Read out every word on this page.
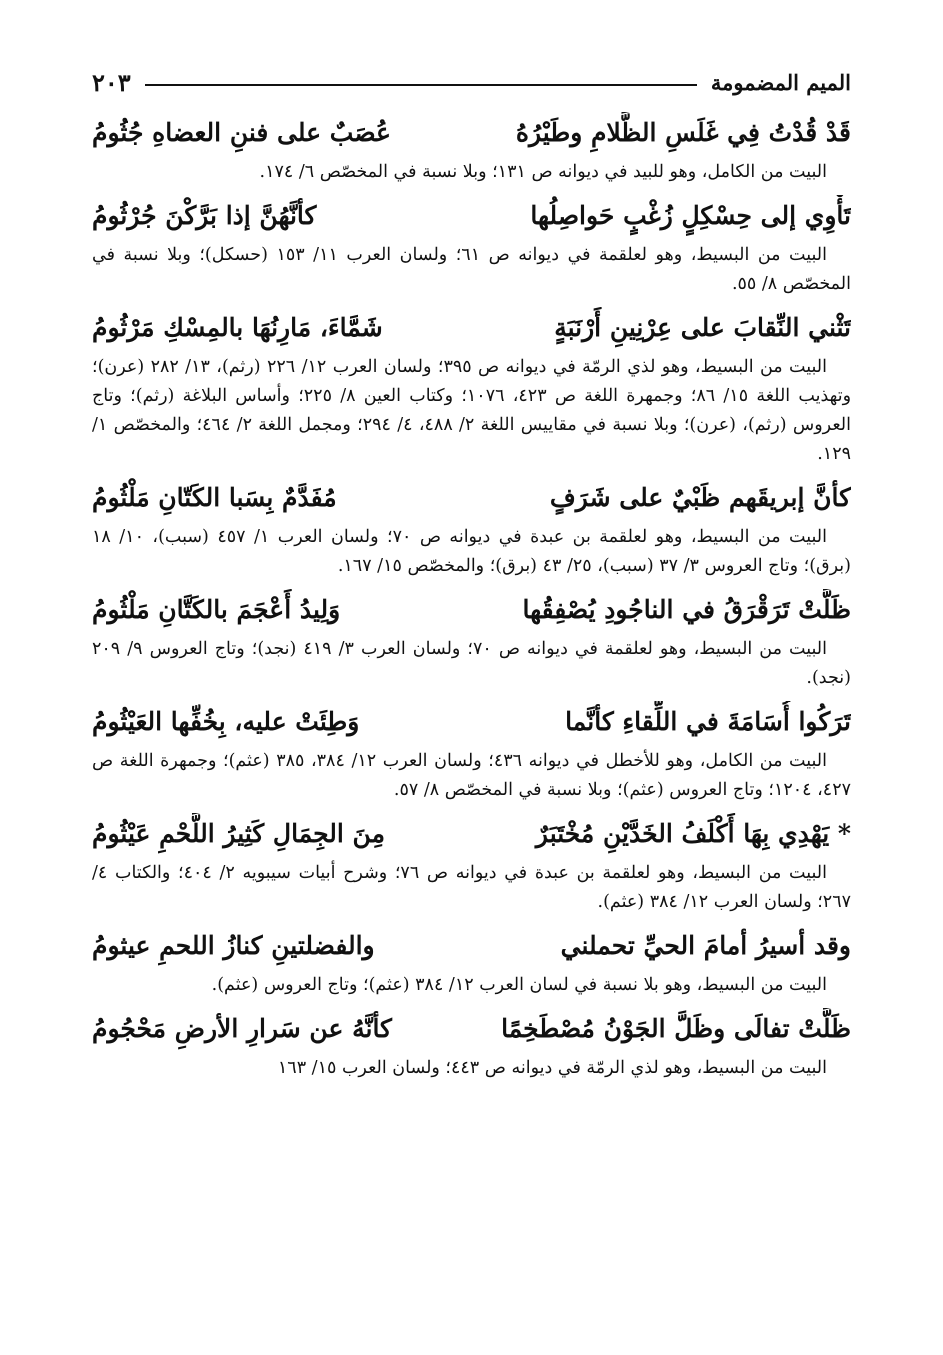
الميم المضمومة
٢٠٣
قَدْ قُدْتُ فِي غَلَسِ الظَّلامِ وطَيْرُهُ
عُصَبٌ على فننِ العضاهِ جُثُومُ
البيت من الكامل، وهو للبيد في ديوانه ص ١٣١؛ وبلا نسبة في المخصّص ٦/ ١٧٤.
تَأْوِي إلى حِسْكِلٍ زُغْبٍ حَواصِلُها
كأنَّهُنَّ إذا بَرَّكْنَ جُرْثُومُ
البيت من البسيط، وهو لعلقمة في ديوانه ص ٦١؛ ولسان العرب ١١/ ١٥٣ (حسكل)؛ وبلا نسبة في المخصّص ٨/ ٥٥.
تَثْني النِّقابَ على عِرْنِينِ أَرْنَبَةٍ
شَمَّاءَ، مَارِنُهَا بالمِسْكِ مَرْثُومُ
البيت من البسيط، وهو لذي الرمّة في ديوانه ص ٣٩٥؛ ولسان العرب ١٢/ ٢٢٦ (رثم)، ١٣/ ٢٨٢ (عرن)؛ وتهذيب اللغة ١٥/ ٨٦؛ وجمهرة اللغة ص ٤٢٣، ١٠٧٦؛ وكتاب العين ٨/ ٢٢٥؛ وأساس البلاغة (رثم)؛ وتاج العروس (رثم)، (عرن)؛ وبلا نسبة في مقاييس اللغة ٢/ ٤٨٨، ٤/ ٢٩٤؛ ومجمل اللغة ٢/ ٤٦٤؛ والمخصّص ١/ ١٢٩.
كأنَّ إبريقَهم ظَبْيٌ على شَرَفٍ
مُفَدَّمٌ بِسَبا الكَتّانِ مَلْثُومُ
البيت من البسيط، وهو لعلقمة بن عبدة في ديوانه ص ٧٠؛ ولسان العرب ١/ ٤٥٧ (سبب)، ١٠/ ١٨ (برق)؛ وتاج العروس ٣/ ٣٧ (سبب)، ٢٥/ ٤٣ (برق)؛ والمخصّص ١٥/ ١٦٧.
ظَلَّتْ تَرَقْرَقُ في الناجُودِ يُصْفِقُها
وَلِيدُ أَعْجَمَ بالكَتَّانِ مَلْثُومُ
البيت من البسيط، وهو لعلقمة في ديوانه ص ٧٠؛ ولسان العرب ٣/ ٤١٩ (نجد)؛ وتاج العروس ٩/ ٢٠٩ (نجد).
تَرَكُوا أُسَامَةَ في اللِّقاءِ كأنَّما
وَطِئَتْ عليه، بِخُفِّها العَيْثُومُ
البيت من الكامل، وهو للأخطل في ديوانه ٤٣٦؛ ولسان العرب ١٢/ ٣٨٤، ٣٨٥ (عثم)؛ وجمهرة اللغة ص ٤٢٧، ١٢٠٤؛ وتاج العروس (عثم)؛ وبلا نسبة في المخصّص ٨/ ٥٧.
* يَهْدِي بِهَا أَكْلَفُ الخَدَّيْنِ مُخْتَبَرٌ
مِنَ الجِمَالِ كَثِيرُ اللَّحْمِ عَيْثُومُ
البيت من البسيط، وهو لعلقمة بن عبدة في ديوانه ص ٧٦؛ وشرح أبيات سيبويه ٢/ ٤٠٤؛ والكتاب ٤/ ٢٦٧؛ ولسان العرب ١٢/ ٣٨٤ (عثم).
وقد أسيرُ أمامَ الحيِّ تحملني
والفضلتينِ كنازُ اللحمِ عيثومُ
البيت من البسيط، وهو بلا نسبة في لسان العرب ١٢/ ٣٨٤ (عثم)؛ وتاج العروس (عثم).
ظَلَّتْ تفالَى وظَلَّ الجَوْنُ مُصْطَخِمًا
كأنَّهُ عن سَرارِ الأرضِ مَحْجُومُ
البيت من البسيط، وهو لذي الرمّة في ديوانه ص ٤٤٣؛ ولسان العرب ١٥/ ١٦٣
